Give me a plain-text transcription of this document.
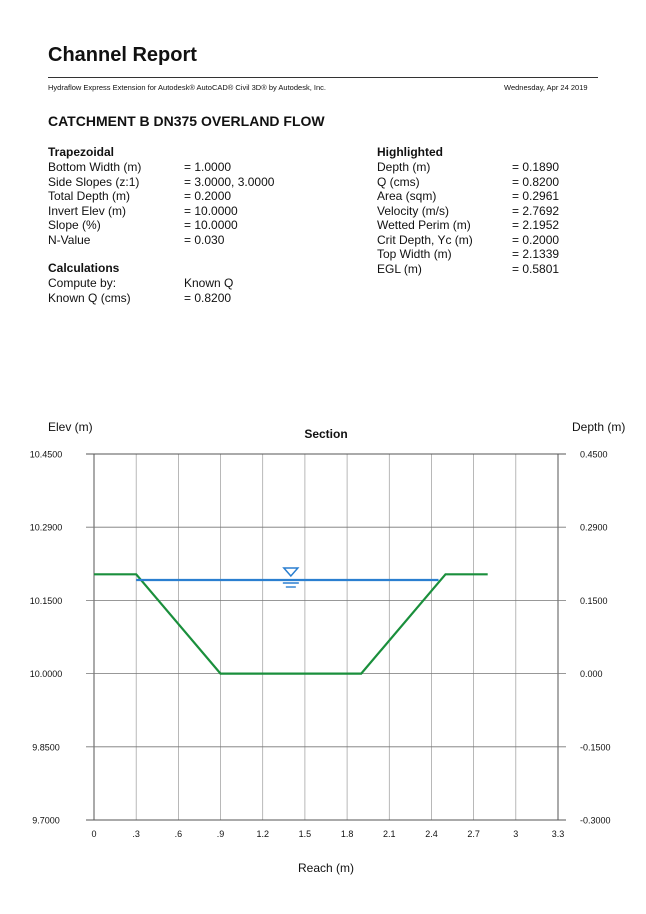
Channel Report
Hydraflow Express Extension for Autodesk® AutoCAD® Civil 3D® by Autodesk, Inc.	Wednesday, Apr 24 2019
CATCHMENT B DN375 OVERLAND FLOW
Trapezoidal
Bottom Width (m)	= 1.0000
Side Slopes (z:1)	= 3.0000, 3.0000
Total Depth (m)	= 0.2000
Invert Elev (m)	= 10.0000
Slope (%)	= 10.0000
N-Value	= 0.030
Calculations
Compute by:	Known Q
Known Q (cms)	= 0.8200
Highlighted
Depth (m)	= 0.1890
Q (cms)	= 0.8200
Area (sqm)	= 0.2961
Velocity (m/s)	= 2.7692
Wetted Perim (m)	= 2.1952
Crit Depth, Yc (m)	= 0.2000
Top Width (m)	= 2.1339
EGL (m)	= 0.5801
Section
Elev (m)	Depth (m)
Reach (m)
0	.3	.6	.9	1.2	1.5	1.8	2.1	2.4	2.7	3	3.3
10.4500	0.4500
10.2900	0.2900
10.1500	0.1500
10.0000	0.000
9.8500	-0.1500
9.7000	-0.3000
